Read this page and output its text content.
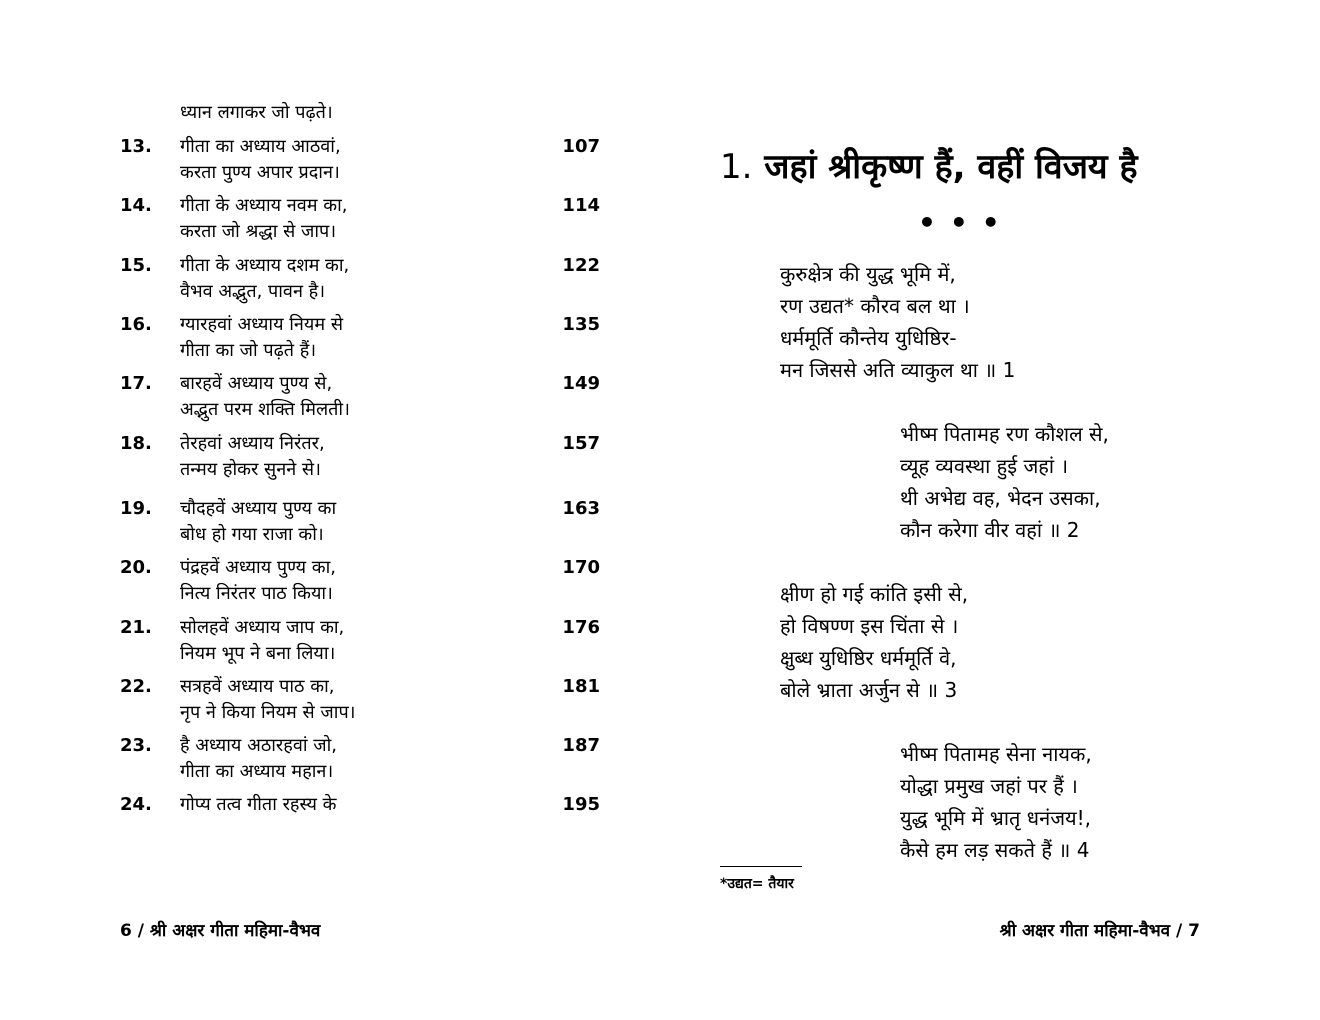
ध्यान लगाकर जो पढ़ते।
13. गीता का अध्याय आठवां,
करता पुण्य अपार प्रदान।
107
14. गीता के अध्याय नवम का,
करता जो श्रद्धा से जाप।
114
15. गीता के अध्याय दशम का,
वैभव अद्भुत, पावन है।
122
16. ग्यारहवां अध्याय नियम से
गीता का जो पढ़ते हैं।
135
17. बारहवें अध्याय पुण्य से,
अद्भुत परम शक्ति मिलती।
149
18. तेरहवां अध्याय निरंतर,
तन्मय होकर सुनने से।
157
19. चौदहवें अध्याय पुण्य का
बोध हो गया राजा को।
163
20. पंद्रहवें अध्याय पुण्य का,
नित्य निरंतर पाठ किया।
170
21. सोलहवें अध्याय जाप का,
नियम भूप ने बना लिया।
176
22. सत्रहवें अध्याय पाठ का,
नृप ने किया नियम से जाप।
181
23. है अध्याय अठारहवां जो,
गीता का अध्याय महान।
187
24. गोप्य तत्व गीता रहस्य के	195
6 / श्री अक्षर गीता महिमा-वैभव
1. जहां श्रीकृष्ण हैं, वहीं विजय है
•••
कुरुक्षेत्र की युद्ध भूमि में,
रण उद्यत* कौरव बल था ।
धर्ममूर्ति कौन्तेय युधिष्ठिर-
मन जिससे अति व्याकुल था ॥ 1
भीष्म पितामह रण कौशल से,
व्यूह व्यवस्था हुई जहां ।
थी अभेद्य वह, भेदन उसका,
कौन करेगा वीर वहां ॥ 2
क्षीण हो गई कांति इसी से,
हो विषण्ण इस चिंता से ।
क्षुब्ध युधिष्ठिर धर्ममूर्ति वे,
बोले भ्राता अर्जुन से ॥ 3
भीष्म पितामह सेना नायक,
योद्धा प्रमुख जहां पर हैं ।
युद्ध भूमि में भ्रातृ धनंजय!,
कैसे हम लड़ सकते हैं ॥ 4
*उद्यत= तैयार
श्री अक्षर गीता महिमा-वैभव / 7
